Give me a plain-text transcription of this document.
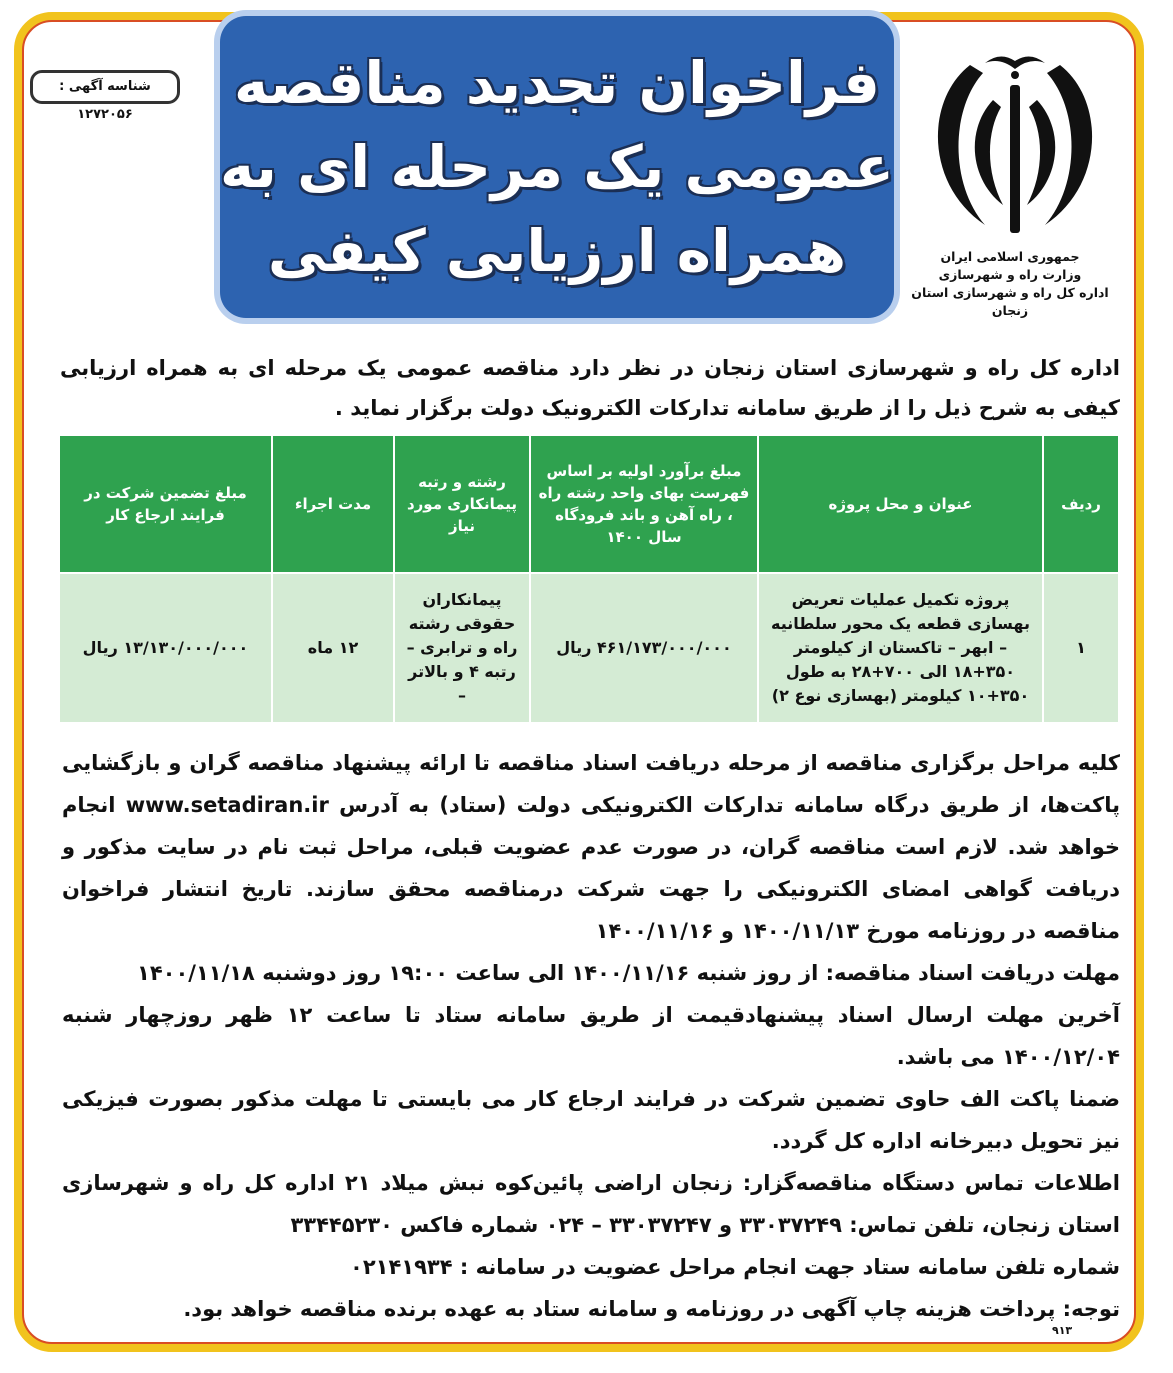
شناسه آگهی : ۱۲۷۲۰۵۶	فراخوان تجدید مناقصه
عمومی یک مرحله ای به
همراه ارزیابی کیفی	جمهوری اسلامی ایران
وزارت راه و شهرسازی
اداره کل راه و شهرسازی استان زنجان
اداره کل راه و شهرسازی استان زنجان در نظر دارد مناقصه عمومی یک مرحله ای به همراه ارزیابی کیفی به شرح ذیل را از طریق سامانه تدارکات الکترونیک دولت برگزار نماید .
ردیف	عنوان و محل پروژه	مبلغ برآورد اولیه بر اساس فهرست بهای واحد رشته راه ، راه آهن و باند فرودگاه سال ۱۴۰۰	رشته و رتبه پیمانکاری مورد نیاز	مدت اجراء	مبلغ تضمین شرکت در فرایند ارجاع کار
۱	پروژه تکمیل عملیات تعریض بهسازی قطعه یک محور سلطانیه – ابهر – تاکستان از کیلومتر ۳۵۰+۱۸ الی ۷۰۰+۲۸ به طول ۳۵۰+۱۰ کیلومتر (بهسازی نوع ۲)	۴۶۱/۱۷۳/۰۰۰/۰۰۰ ریال	پیمانکاران حقوقی رشته راه و ترابری – رتبه ۴ و بالاتر –	۱۲ ماه	۱۳/۱۳۰/۰۰۰/۰۰۰ ریال

کلیه مراحل برگزاری مناقصه از مرحله دریافت اسناد مناقصه تا ارائه پیشنهاد مناقصه گران و بازگشایی پاکت‌ها، از طریق درگاه سامانه تدارکات الکترونیکی دولت (ستاد) به آدرس www.setadiran.ir انجام خواهد شد. لازم است مناقصه گران، در صورت عدم عضویت قبلی، مراحل ثبت نام در سایت مذکور و دریافت گواهی امضای الکترونیکی را جهت شرکت درمناقصه محقق سازند. تاریخ انتشار فراخوان مناقصه در روزنامه مورخ ۱۴۰۰/۱۱/۱۳ و ۱۴۰۰/۱۱/۱۶

مهلت دریافت اسناد مناقصه: از روز شنبه ۱۴۰۰/۱۱/۱۶ الی ساعت ۱۹:۰۰ روز دوشنبه ۱۴۰۰/۱۱/۱۸

آخرین مهلت ارسال اسناد پیشنهادقیمت از طریق سامانه ستاد تا ساعت ۱۲ ظهر روزچهار شنبه ۱۴۰۰/۱۲/۰۴ می باشد.

ضمنا پاکت الف حاوی تضمین شرکت در فرایند ارجاع کار می بایستی تا مهلت مذکور بصورت فیزیکی نیز تحویل دبیرخانه اداره کل گردد.

اطلاعات تماس دستگاه مناقصه‌گزار: زنجان اراضی پائین‌کوه نبش میلاد ۲۱ اداره کل راه و شهرسازی استان زنجان، تلفن تماس: ۳۳۰۳۷۲۴۹ و ۳۳۰۳۷۲۴۷ – ۰۲۴ شماره فاکس ۳۳۴۴۵۲۳۰

شماره تلفن سامانه ستاد جهت انجام مراحل عضویت در سامانه : ۰۲۱۴۱۹۳۴

توجه: پرداخت هزینه چاپ آگهی در روزنامه و سامانه ستاد به عهده برنده مناقصه خواهد بود.

۹۱۳
